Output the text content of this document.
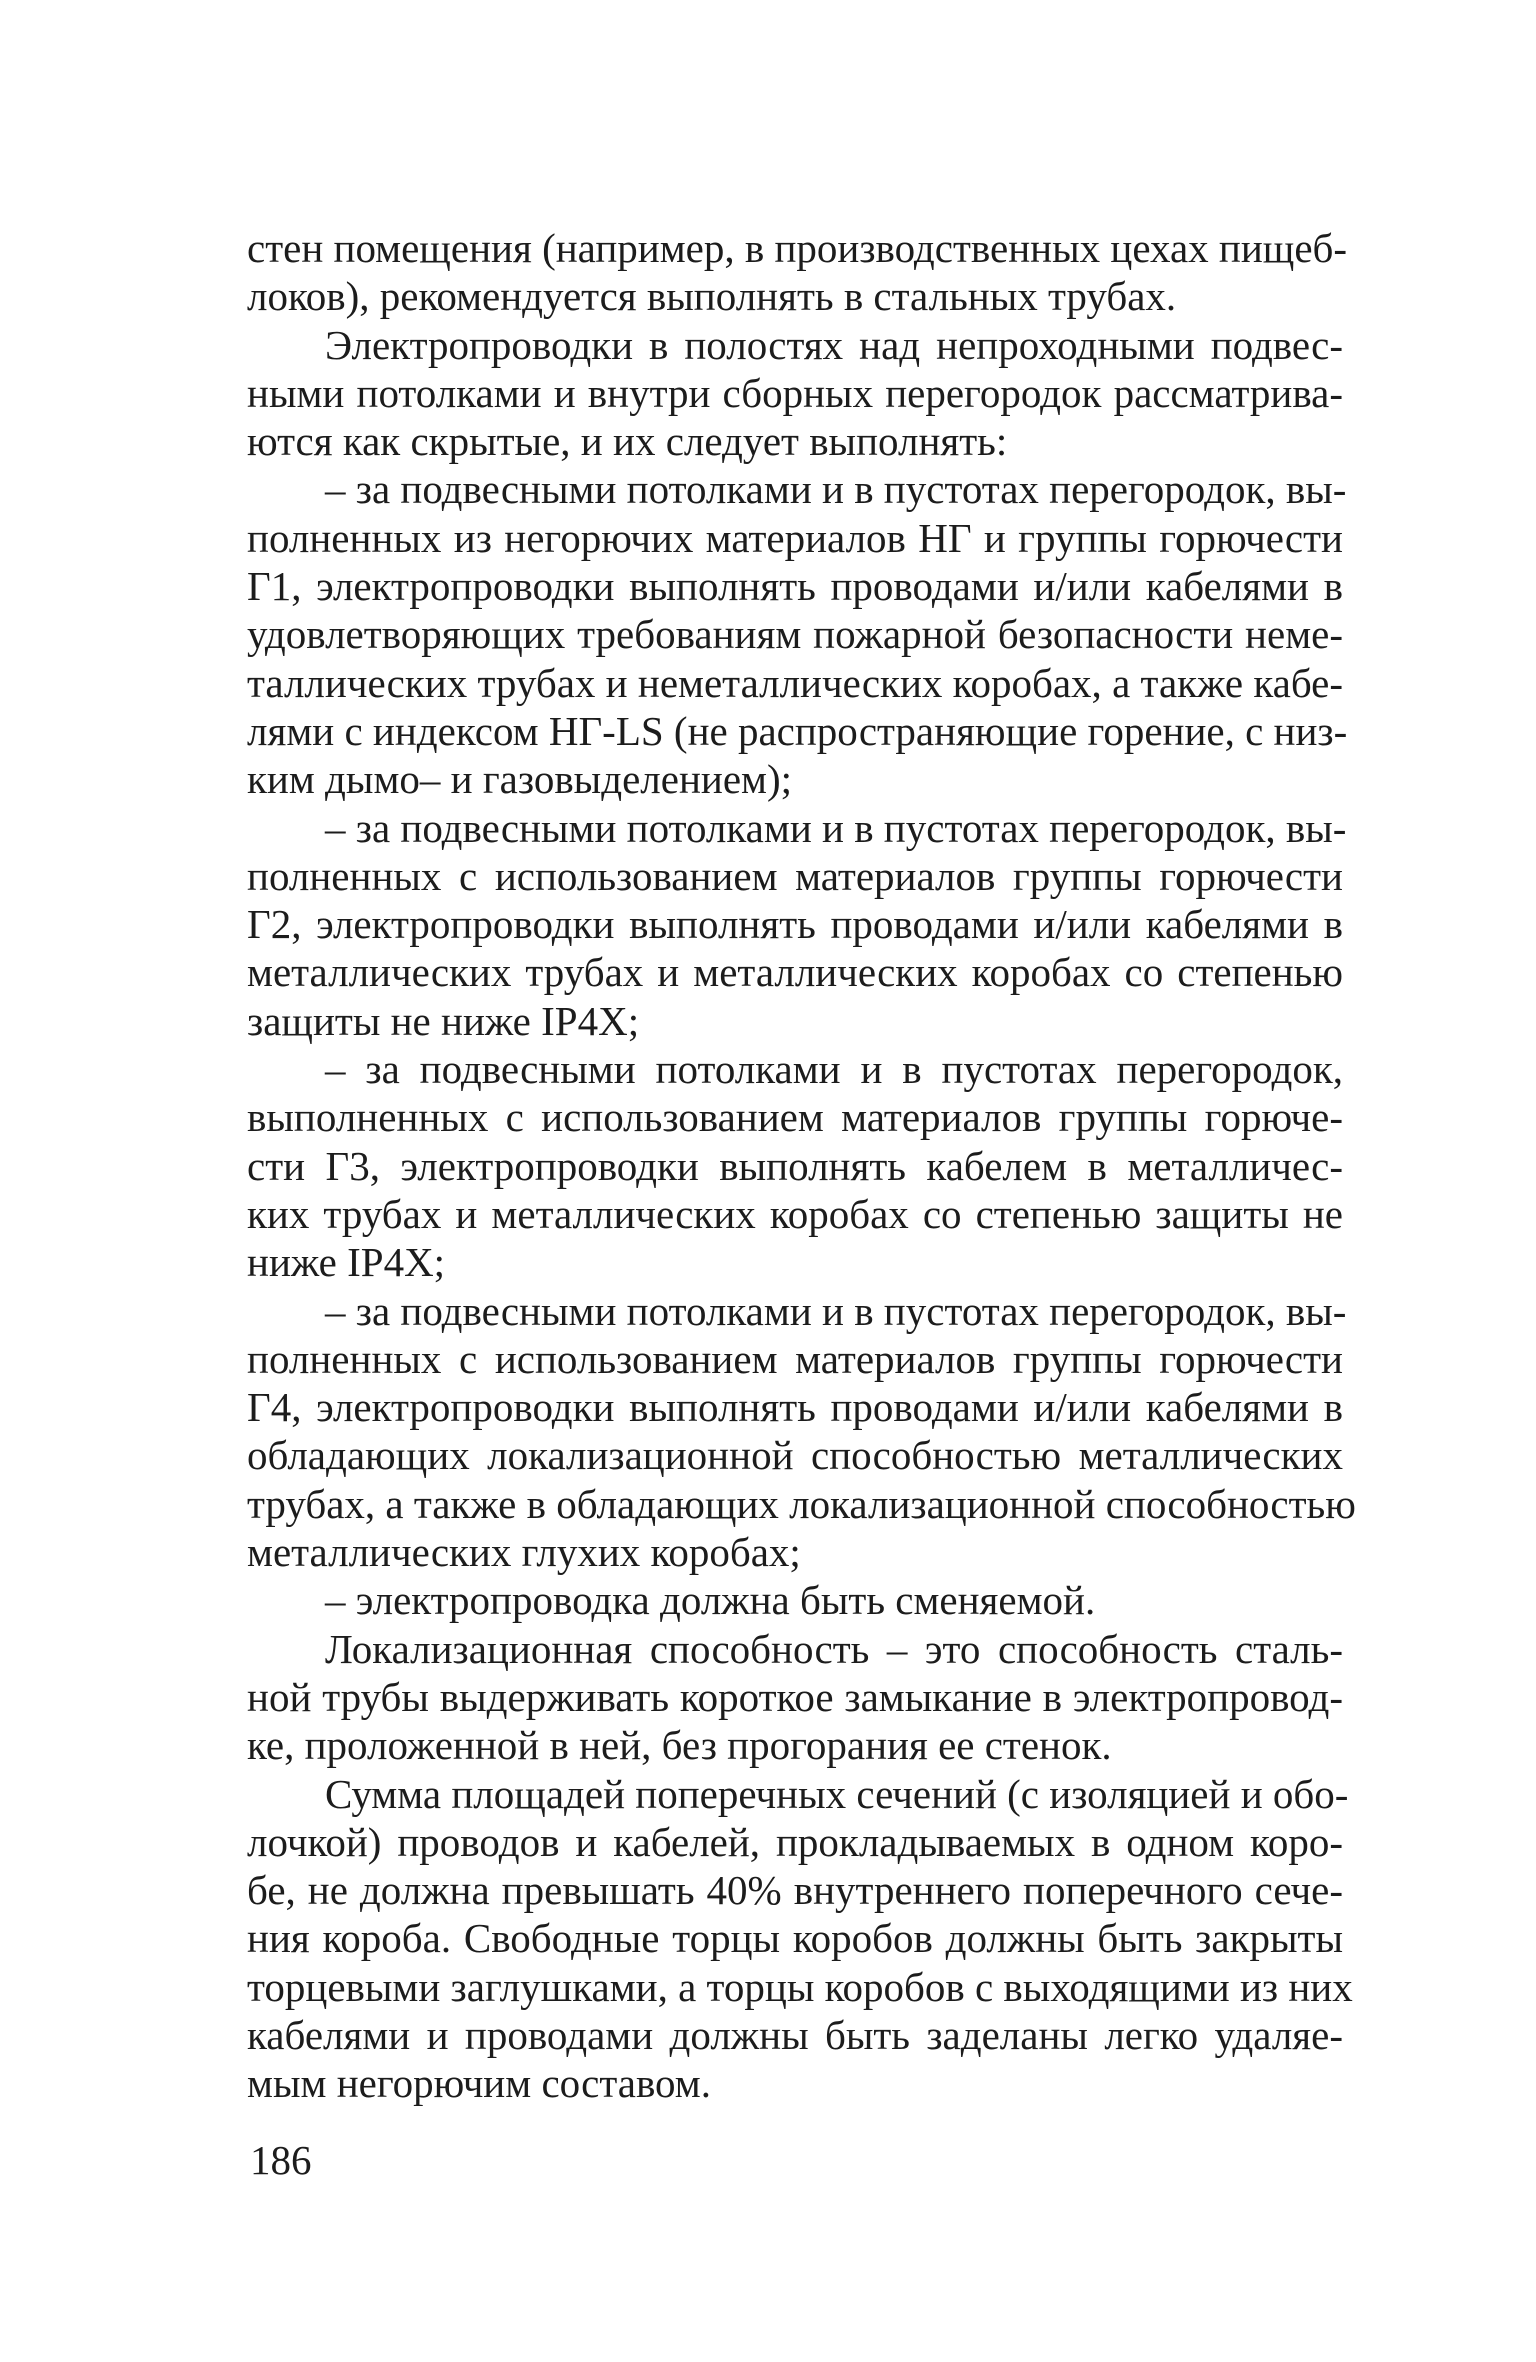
стен помещения (например, в производственных цехах пищеб-
локов), рекомендуется выполнять в стальных трубах.
Электропроводки в полостях над непроходными подвес-
ными потолками и внутри сборных перегородок рассматрива-
ются как скрытые, и их следует выполнять:
– за подвесными потолками и в пустотах перегородок, вы-
полненных из негорючих материалов НГ и группы горючести
Г1, электропроводки выполнять проводами и/или кабелями в
удовлетворяющих требованиям пожарной безопасности неме-
таллических трубах и неметаллических коробах, а также кабе-
лями с индексом НГ-LS (не распространяющие горение, с низ-
ким дымо– и газовыделением);
– за подвесными потолками и в пустотах перегородок, вы-
полненных с использованием материалов группы горючести
Г2, электропроводки выполнять проводами и/или кабелями в
металлических трубах и металлических коробах со степенью
защиты не ниже IP4X;
– за подвесными потолками и в пустотах перегородок,
выполненных с использованием материалов группы горюче-
сти Г3, электропроводки выполнять кабелем в металличес-
ких трубах и металлических коробах со степенью защиты не
ниже IP4X;
– за подвесными потолками и в пустотах перегородок, вы-
полненных с использованием материалов группы горючести
Г4, электропроводки выполнять проводами и/или кабелями в
обладающих локализационной способностью металлических
трубах, а также в обладающих локализационной способностью
металлических глухих коробах;
– электропроводка должна быть сменяемой.
Локализационная способность – это способность сталь-
ной трубы выдерживать короткое замыкание в электропровод-
ке, проложенной в ней, без прогорания ее стенок.
Сумма площадей поперечных сечений (с изоляцией и обо-
лочкой) проводов и кабелей, прокладываемых в одном коро-
бе, не должна превышать 40% внутреннего поперечного сече-
ния короба. Свободные торцы коробов должны быть закрыты
торцевыми заглушками, а торцы коробов с выходящими из них
кабелями и проводами должны быть заделаны легко удаляе-
мым негорючим составом.
186
